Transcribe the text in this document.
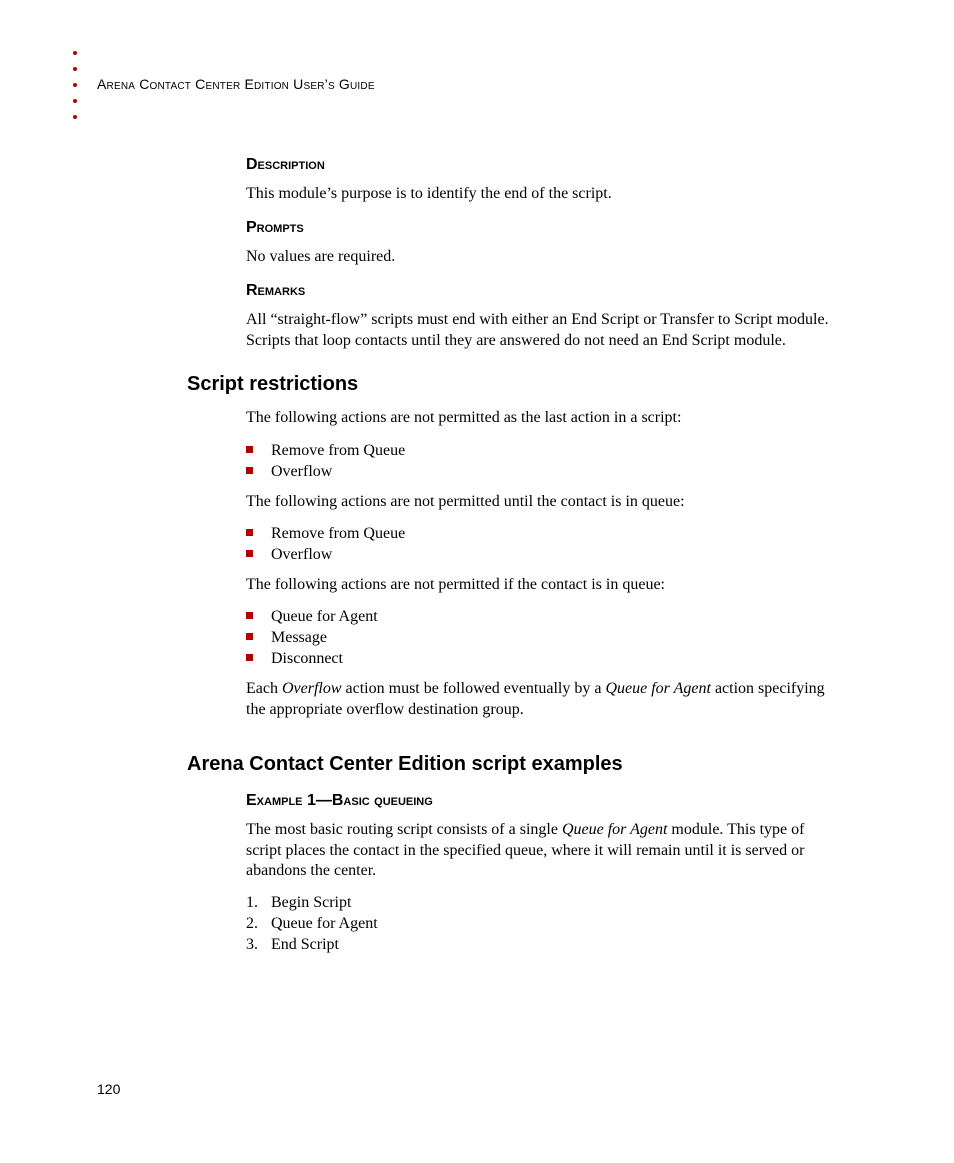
Arena Contact Center Edition User’s Guide
Description
This module’s purpose is to identify the end of the script.
Prompts
No values are required.
Remarks
All “straight-flow” scripts must end with either an End Script or Transfer to Script module.
Scripts that loop contacts until they are answered do not need an End Script module.
Script restrictions
The following actions are not permitted as the last action in a script:
Remove from Queue
Overflow
The following actions are not permitted until the contact is in queue:
Remove from Queue
Overflow
The following actions are not permitted if the contact is in queue:
Queue for Agent
Message
Disconnect
Each Overflow action must be followed eventually by a Queue for Agent action specifying
the appropriate overflow destination group.
Arena Contact Center Edition script examples
Example 1—Basic queueing
The most basic routing script consists of a single Queue for Agent module. This type of
script places the contact in the specified queue, where it will remain until it is served or
abandons the center.
1. Begin Script
2. Queue for Agent
3. End Script
120
